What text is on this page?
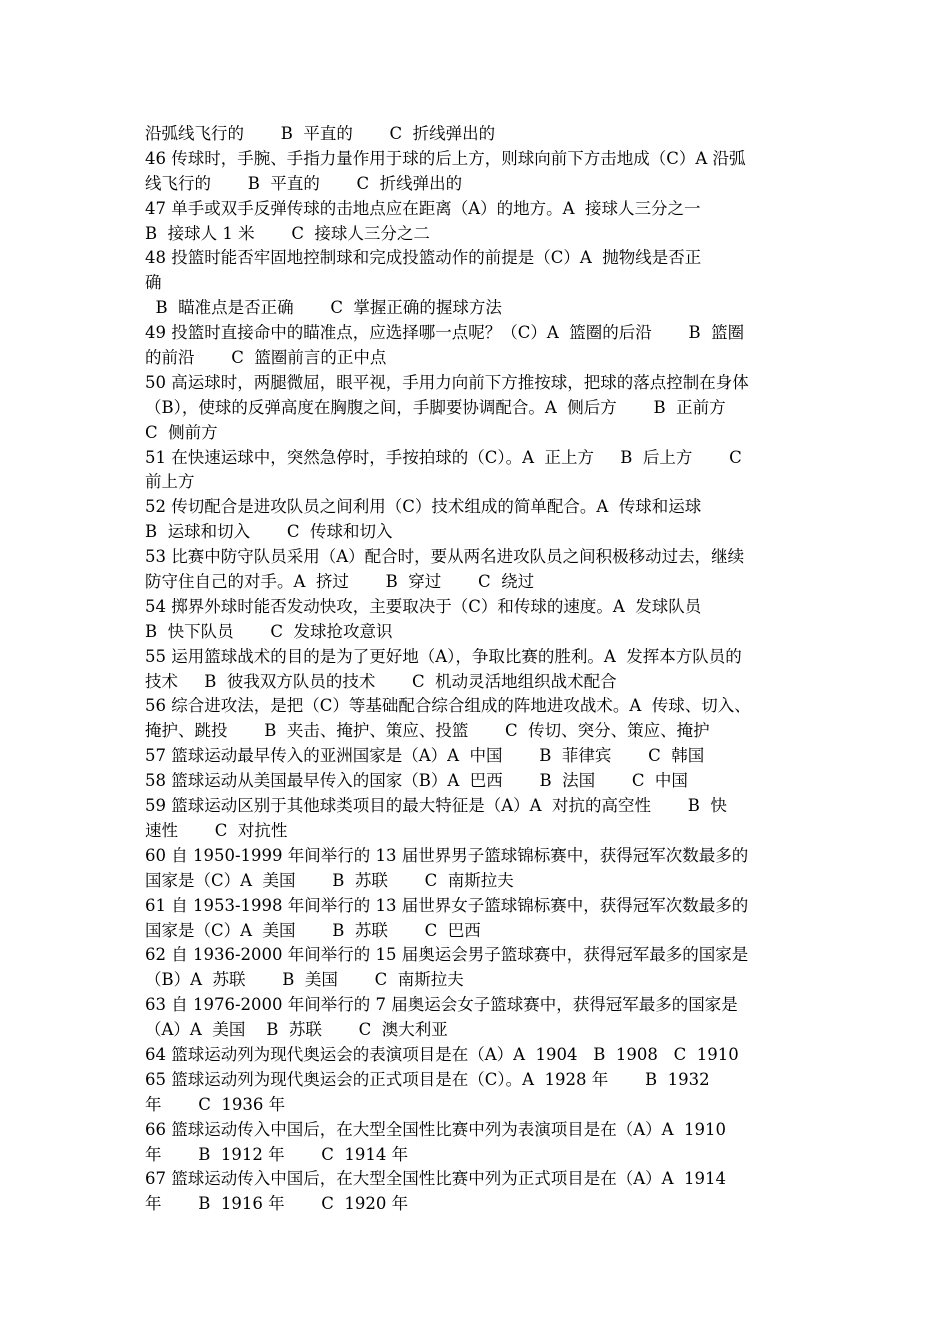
沿弧线飞行的       B  平直的       C  折线弹出的
46 传球时，手腕、手指力量作用于球的后上方，则球向前下方击地成（C）A 沿弧
线飞行的       B  平直的       C  折线弹出的
47 单手或双手反弹传球的击地点应在距离（A）的地方。A  接球人三分之一
B  接球人 1 米       C  接球人三分之二
48 投篮时能否牢固地控制球和完成投篮动作的前提是（C）A  抛物线是否正
确
B  瞄准点是否正确       C  掌握正确的握球方法
49 投篮时直接命中的瞄准点，应选择哪一点呢？（C）A  篮圈的后沿       B  篮圈
的前沿       C  篮圈前言的正中点
50 高运球时，两腿微屈，眼平视，手用力向前下方推按球，把球的落点控制在身体
（B），使球的反弹高度在胸腹之间，手脚要协调配合。A  侧后方       B  正前方
C  侧前方
51 在快速运球中，突然急停时，手按拍球的（C）。A  正上方     B  后上方       C
前上方
52 传切配合是进攻队员之间利用（C）技术组成的简单配合。A  传球和运球
B  运球和切入       C  传球和切入
53 比赛中防守队员采用（A）配合时，要从两名进攻队员之间积极移动过去，继续
防守住自己的对手。A  挤过       B  穿过       C  绕过
54 掷界外球时能否发动快攻，主要取决于（C）和传球的速度。A  发球队员
B  快下队员       C  发球抢攻意识
55 运用篮球战术的目的是为了更好地（A），争取比赛的胜利。A  发挥本方队员的
技术     B  彼我双方队员的技术       C  机动灵活地组织战术配合
56 综合进攻法，是把（C）等基础配合综合组成的阵地进攻战术。A  传球、切入、
掩护、跳投       B  夹击、掩护、策应、投篮       C  传切、突分、策应、掩护
57 篮球运动最早传入的亚洲国家是（A）A  中国       B  菲律宾       C  韩国
58 篮球运动从美国最早传入的国家（B）A  巴西       B  法国       C  中国
59 篮球运动区别于其他球类项目的最大特征是（A）A  对抗的高空性       B  快
速性       C  对抗性
60 自 1950-1999 年间举行的 13 届世界男子篮球锦标赛中，获得冠军次数最多的
国家是（C）A  美国       B  苏联       C  南斯拉夫
61 自 1953-1998 年间举行的 13 届世界女子篮球锦标赛中，获得冠军次数最多的
国家是（C）A  美国       B  苏联       C  巴西
62 自 1936-2000 年间举行的 15 届奥运会男子篮球赛中，获得冠军最多的国家是
（B）A  苏联       B  美国       C  南斯拉夫
63 自 1976-2000 年间举行的 7 届奥运会女子篮球赛中，获得冠军最多的国家是
（A）A  美国    B  苏联       C  澳大利亚
64 篮球运动列为现代奥运会的表演项目是在（A）A  1904   B  1908   C  1910
65 篮球运动列为现代奥运会的正式项目是在（C）。A  1928 年       B  1932
年       C  1936 年
66 篮球运动传入中国后，在大型全国性比赛中列为表演项目是在（A）A  1910
年       B  1912 年       C  1914 年
67 篮球运动传入中国后，在大型全国性比赛中列为正式项目是在（A）A  1914
年       B  1916 年       C  1920 年
